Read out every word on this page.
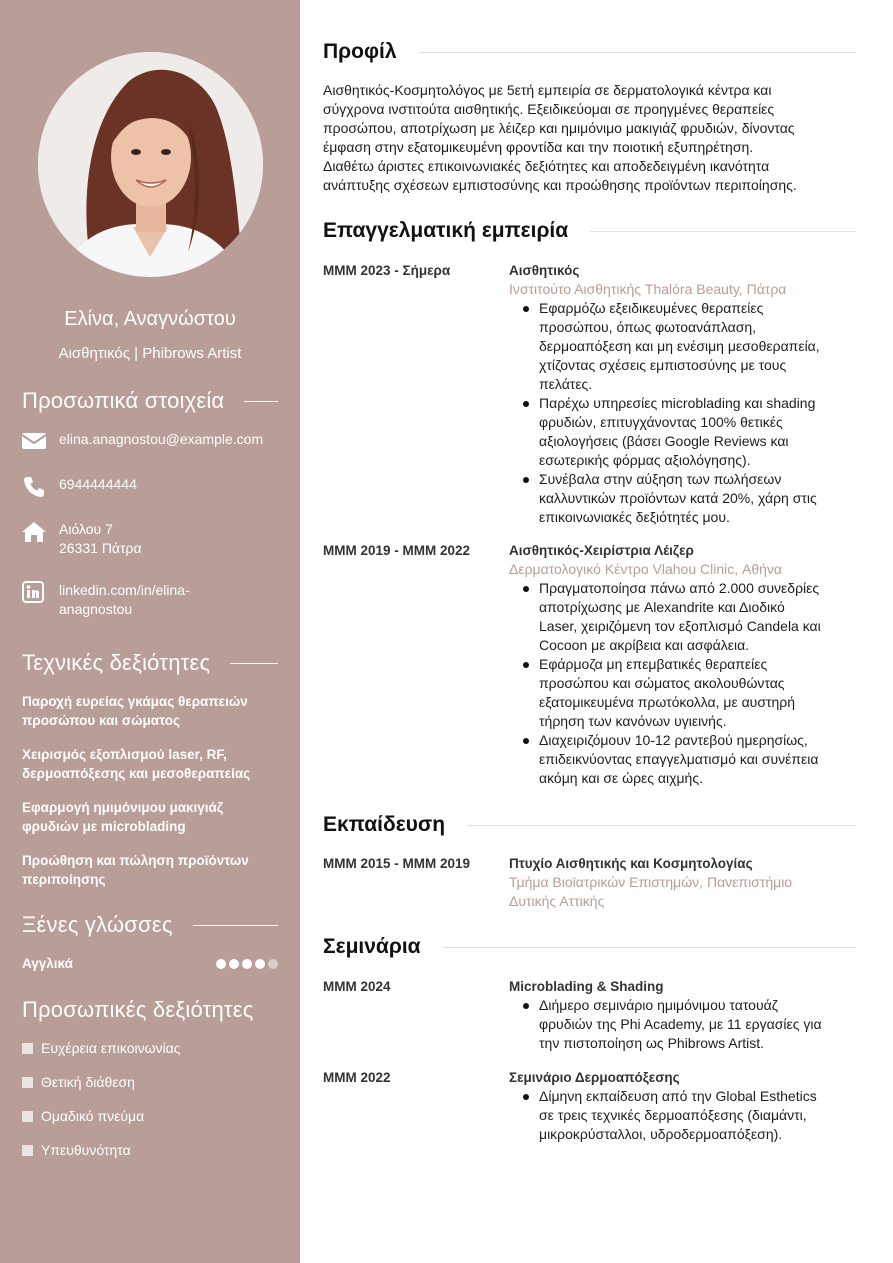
Ελίνα, Αναγνώστου
Αισθητικός | Phibrows Artist
Προσωπικά στοιχεία
elina.anagnostou@example.com
6944444444
Αιόλου 7
26331 Πάτρα
linkedin.com/in/elina-
anagnostou
Τεχνικές δεξιότητες
Παροχή ευρείας γκάμας θεραπειών
προσώπου και σώματος
Χειρισμός εξοπλισμού laser, RF,
δερμοαπόξεσης και μεσοθεραπείας
Εφαρμογή ημιμόνιμου μακιγιάζ
φρυδιών με microblading
Προώθηση και πώληση προϊόντων
περιποίησης
Ξένες γλώσσες
Αγγλικά
Προσωπικές δεξιότητες
Ευχέρεια επικοινωνίας
Θετική διάθεση
Ομαδικό πνεύμα
Υπευθυνότητα
Προφίλ
Αισθητικός-Κοσμητολόγος με 5ετή εμπειρία σε δερματολογικά κέντρα και
σύγχρονα ινστιτούτα αισθητικής. Εξειδικεύομαι σε προηγμένες θεραπείες
προσώπου, αποτρίχωση με λέιζερ και ημιμόνιμο μακιγιάζ φρυδιών, δίνοντας
έμφαση στην εξατομικευμένη φροντίδα και την ποιοτική εξυπηρέτηση.
Διαθέτω άριστες επικοινωνιακές δεξιότητες και αποδεδειγμένη ικανότητα
ανάπτυξης σχέσεων εμπιστοσύνης και προώθησης προϊόντων περιποίησης.
Επαγγελματική εμπειρία
ΜΜΜ 2023 - Σήμερα	Αισθητικός
Ινστιτούτο Αισθητικής Thalóra Beauty, Πάτρα
Εφαρμόζω εξειδικευμένες θεραπείες
προσώπου, όπως φωτοανάπλαση,
δερμοαπόξεση και μη ενέσιμη μεσοθεραπεία,
χτίζοντας σχέσεις εμπιστοσύνης με τους
πελάτες.
Παρέχω υπηρεσίες microblading και shading
φρυδιών, επιτυγχάνοντας 100% θετικές
αξιολογήσεις (βάσει Google Reviews και
εσωτερικής φόρμας αξιολόγησης).
Συνέβαλα στην αύξηση των πωλήσεων
καλλυντικών προϊόντων κατά 20%, χάρη στις
επικοινωνιακές δεξιότητές μου.
ΜΜΜ 2019 - ΜΜΜ 2022	Αισθητικός-Χειρίστρια Λέιζερ
Δερματολογικό Κέντρο Vlahou Clinic, Αθήνα
Πραγματοποίησα πάνω από 2.000 συνεδρίες
αποτρίχωσης με Alexandrite και Διοδικό
Laser, χειριζόμενη τον εξοπλισμό Candela και
Cocoon με ακρίβεια και ασφάλεια.
Εφάρμοζα μη επεμβατικές θεραπείες
προσώπου και σώματος ακολουθώντας
εξατομικευμένα πρωτόκολλα, με αυστηρή
τήρηση των κανόνων υγιεινής.
Διαχειριζόμουν 10-12 ραντεβού ημερησίως,
επιδεικνύοντας επαγγελματισμό και συνέπεια
ακόμη και σε ώρες αιχμής.
Εκπαίδευση
ΜΜΜ 2015 - ΜΜΜ 2019	Πτυχίο Αισθητικής και Κοσμητολογίας
Τμήμα Βιοϊατρικών Επιστημών, Πανεπιστήμιο
Δυτικής Αττικής
Σεμινάρια
ΜΜΜ 2024	Microblading & Shading
Διήμερο σεμινάριο ημιμόνιμου τατουάζ
φρυδιών της Phi Academy, με 11 εργασίες για
την πιστοποίηση ως Phibrows Artist.
ΜΜΜ 2022	Σεμινάριο Δερμοαπόξεσης
Δίμηνη εκπαίδευση από την Global Esthetics
σε τρεις τεχνικές δερμοαπόξεσης (διαμάντι,
μικροκρύσταλλοι, υδροδερμοαπόξεση).
